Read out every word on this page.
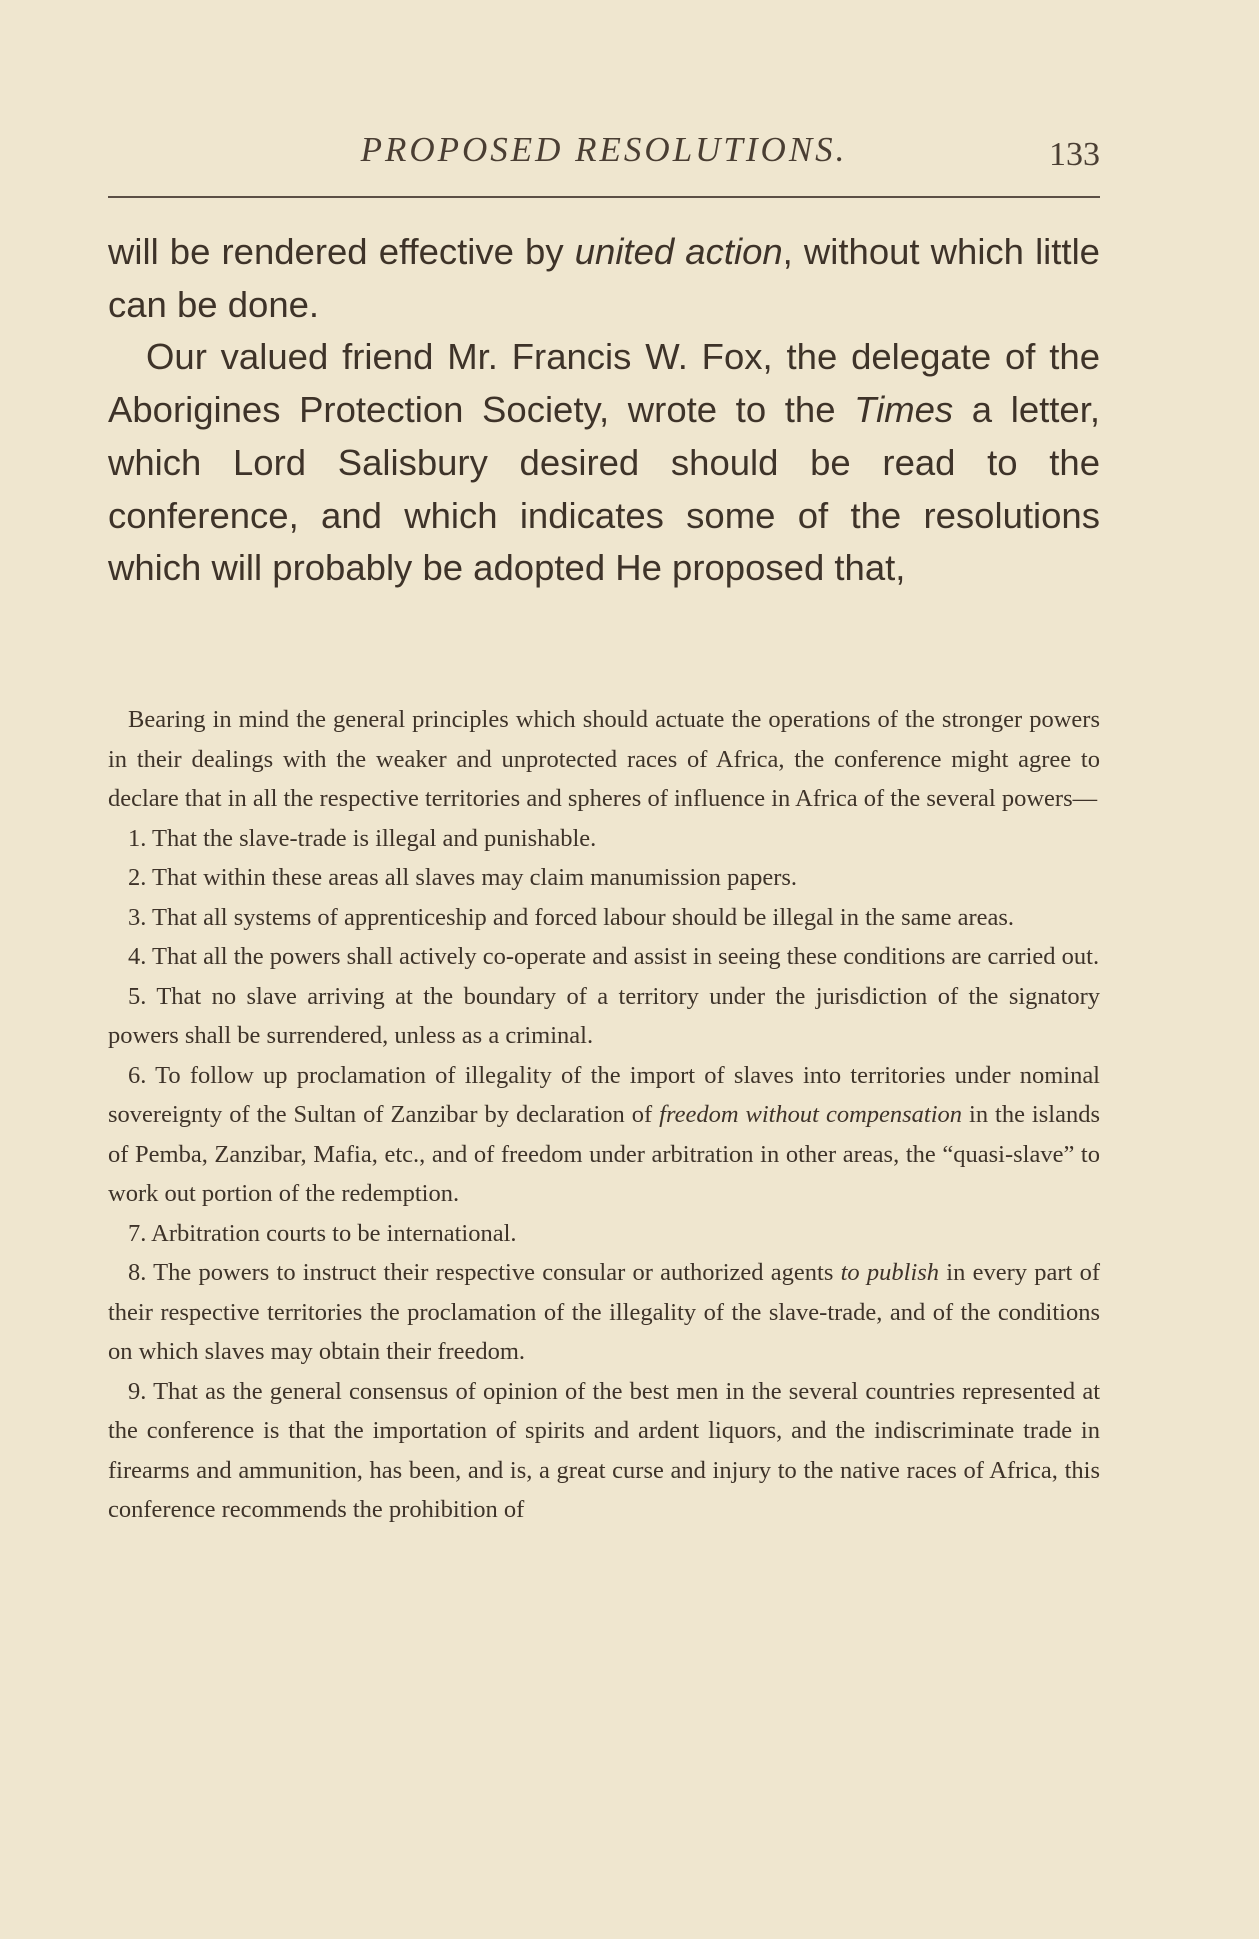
PROPOSED RESOLUTIONS.	133

will be rendered effective by united action, without which little can be done.

Our valued friend Mr. Francis W. Fox, the delegate of the Aborigines Protection Society, wrote to the Times a letter, which Lord Salisbury desired should be read to the conference, and which indicates some of the resolutions which will probably be adopted He proposed that,

Bearing in mind the general principles which should actuate the operations of the stronger powers in their dealings with the weaker and unprotected races of Africa, the conference might agree to declare that in all the respective territories and spheres of influence in Africa of the several powers—

1. That the slave-trade is illegal and punishable.

2. That within these areas all slaves may claim manumission papers.

3. That all systems of apprenticeship and forced labour should be illegal in the same areas.

4. That all the powers shall actively co-operate and assist in seeing these conditions are carried out.

5. That no slave arriving at the boundary of a territory under the jurisdiction of the signatory powers shall be surrendered, unless as a criminal.

6. To follow up proclamation of illegality of the import of slaves into territories under nominal sovereignty of the Sultan of Zanzibar by declaration of freedom without compensation in the islands of Pemba, Zanzibar, Mafia, etc., and of freedom under arbitration in other areas, the “quasi-slave” to work out portion of the redemption.

7. Arbitration courts to be international.

8. The powers to instruct their respective consular or authorized agents to publish in every part of their respective territories the proclamation of the illegality of the slave-trade, and of the conditions on which slaves may obtain their freedom.

9. That as the general consensus of opinion of the best men in the several countries represented at the conference is that the importation of spirits and ardent liquors, and the indiscriminate trade in firearms and ammunition, has been, and is, a great curse and injury to the native races of Africa, this conference recommends the prohibition of
